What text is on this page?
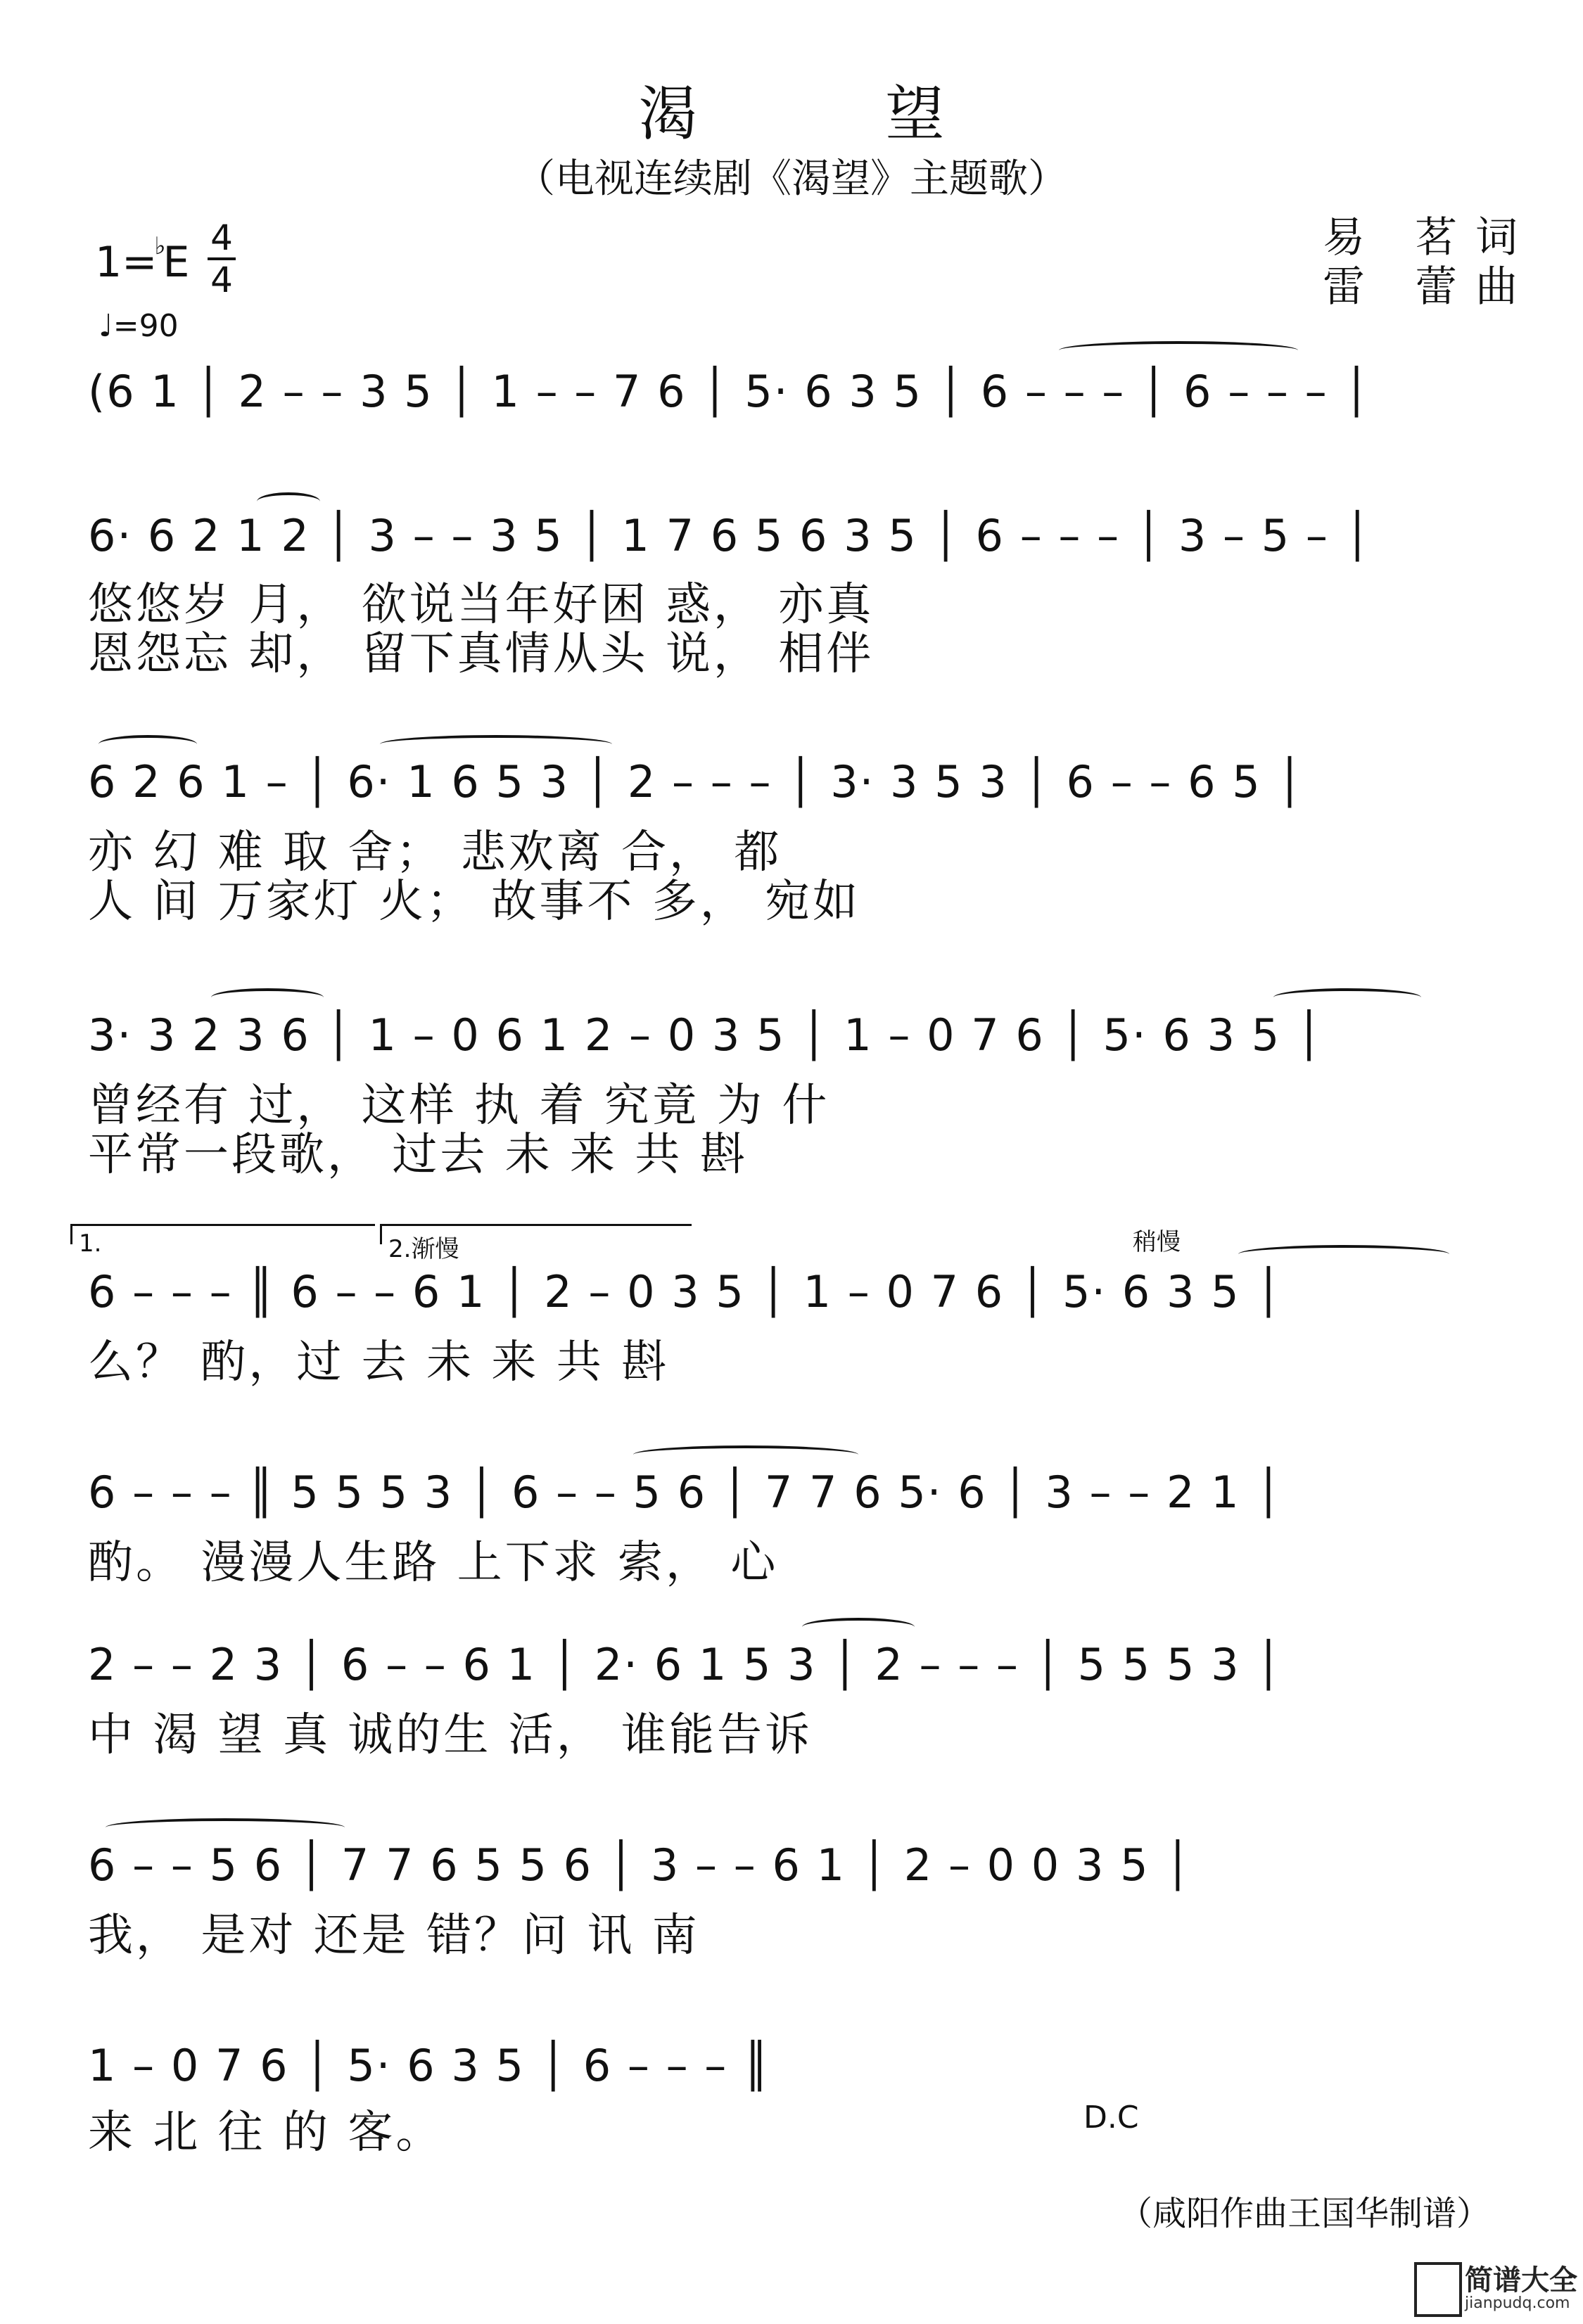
渴 望
（电视连续剧《渴望》主题歌）
1=♭E 4
4
♩=90
易 茗词
雷 蕾曲
(6 1 │ 2 – – 3 5 │ 1 – – 7 6 │ 5· 6 3 5 │ 6 – – – │ 6 – – – │
6· 6 2 1 2 │ 3 – – 3 5 │ 1 7 6 5 6 3 5 │ 6 – – – │ 3 – 5 – │
悠悠岁 月， 欲说当年好困 惑， 亦真
恩怨忘 却， 留下真情从头 说， 相伴
6 2 6 1 – │ 6· 1 6 5 3 │ 2 – – – │ 3· 3 5 3 │ 6 – – 6 5 │
亦 幻 难 取 舍； 悲欢离 合， 都
人 间 万家灯 火； 故事不 多， 宛如
3· 3 2 3 6 │ 1 – 0 6 1 2 – 0 3 5 │ 1 – 0 7 6 │ 5· 6 3 5 │
曾经有 过， 这样 执 着 究竟 为 什
平常一段歌， 过去 未 来 共 斟
1.	2.渐慢	稍慢
6 – – – ║ 6 – – 6 1 │ 2 – 0 3 5 │ 1 – 0 7 6 │ 5· 6 3 5 │
么？ 酌，过 去 未 来 共 斟
6 – – – ║ 5 5 5 3 │ 6 – – 5 6 │ 7 7 6 5· 6 │ 3 – – 2 1 │
酌。 漫漫人生路 上下求 索， 心
2 – – 2 3 │ 6 – – 6 1 │ 2· 6 1 5 3 │ 2 – – – │ 5 5 5 3 │
中 渴 望 真 诚的生 活， 谁能告诉
6 – – 5 6 │ 7 7 6 5 5 6 │ 3 – – 6 1 │ 2 – 0 0 3 5 │
我， 是对 还是 错？问 讯 南
1 – 0 7 6 │ 5· 6 3 5 │ 6 – – – ║
来 北 往 的 客。	D.C
（咸阳作曲王国华制谱）
简谱大全
jianpudq.com
